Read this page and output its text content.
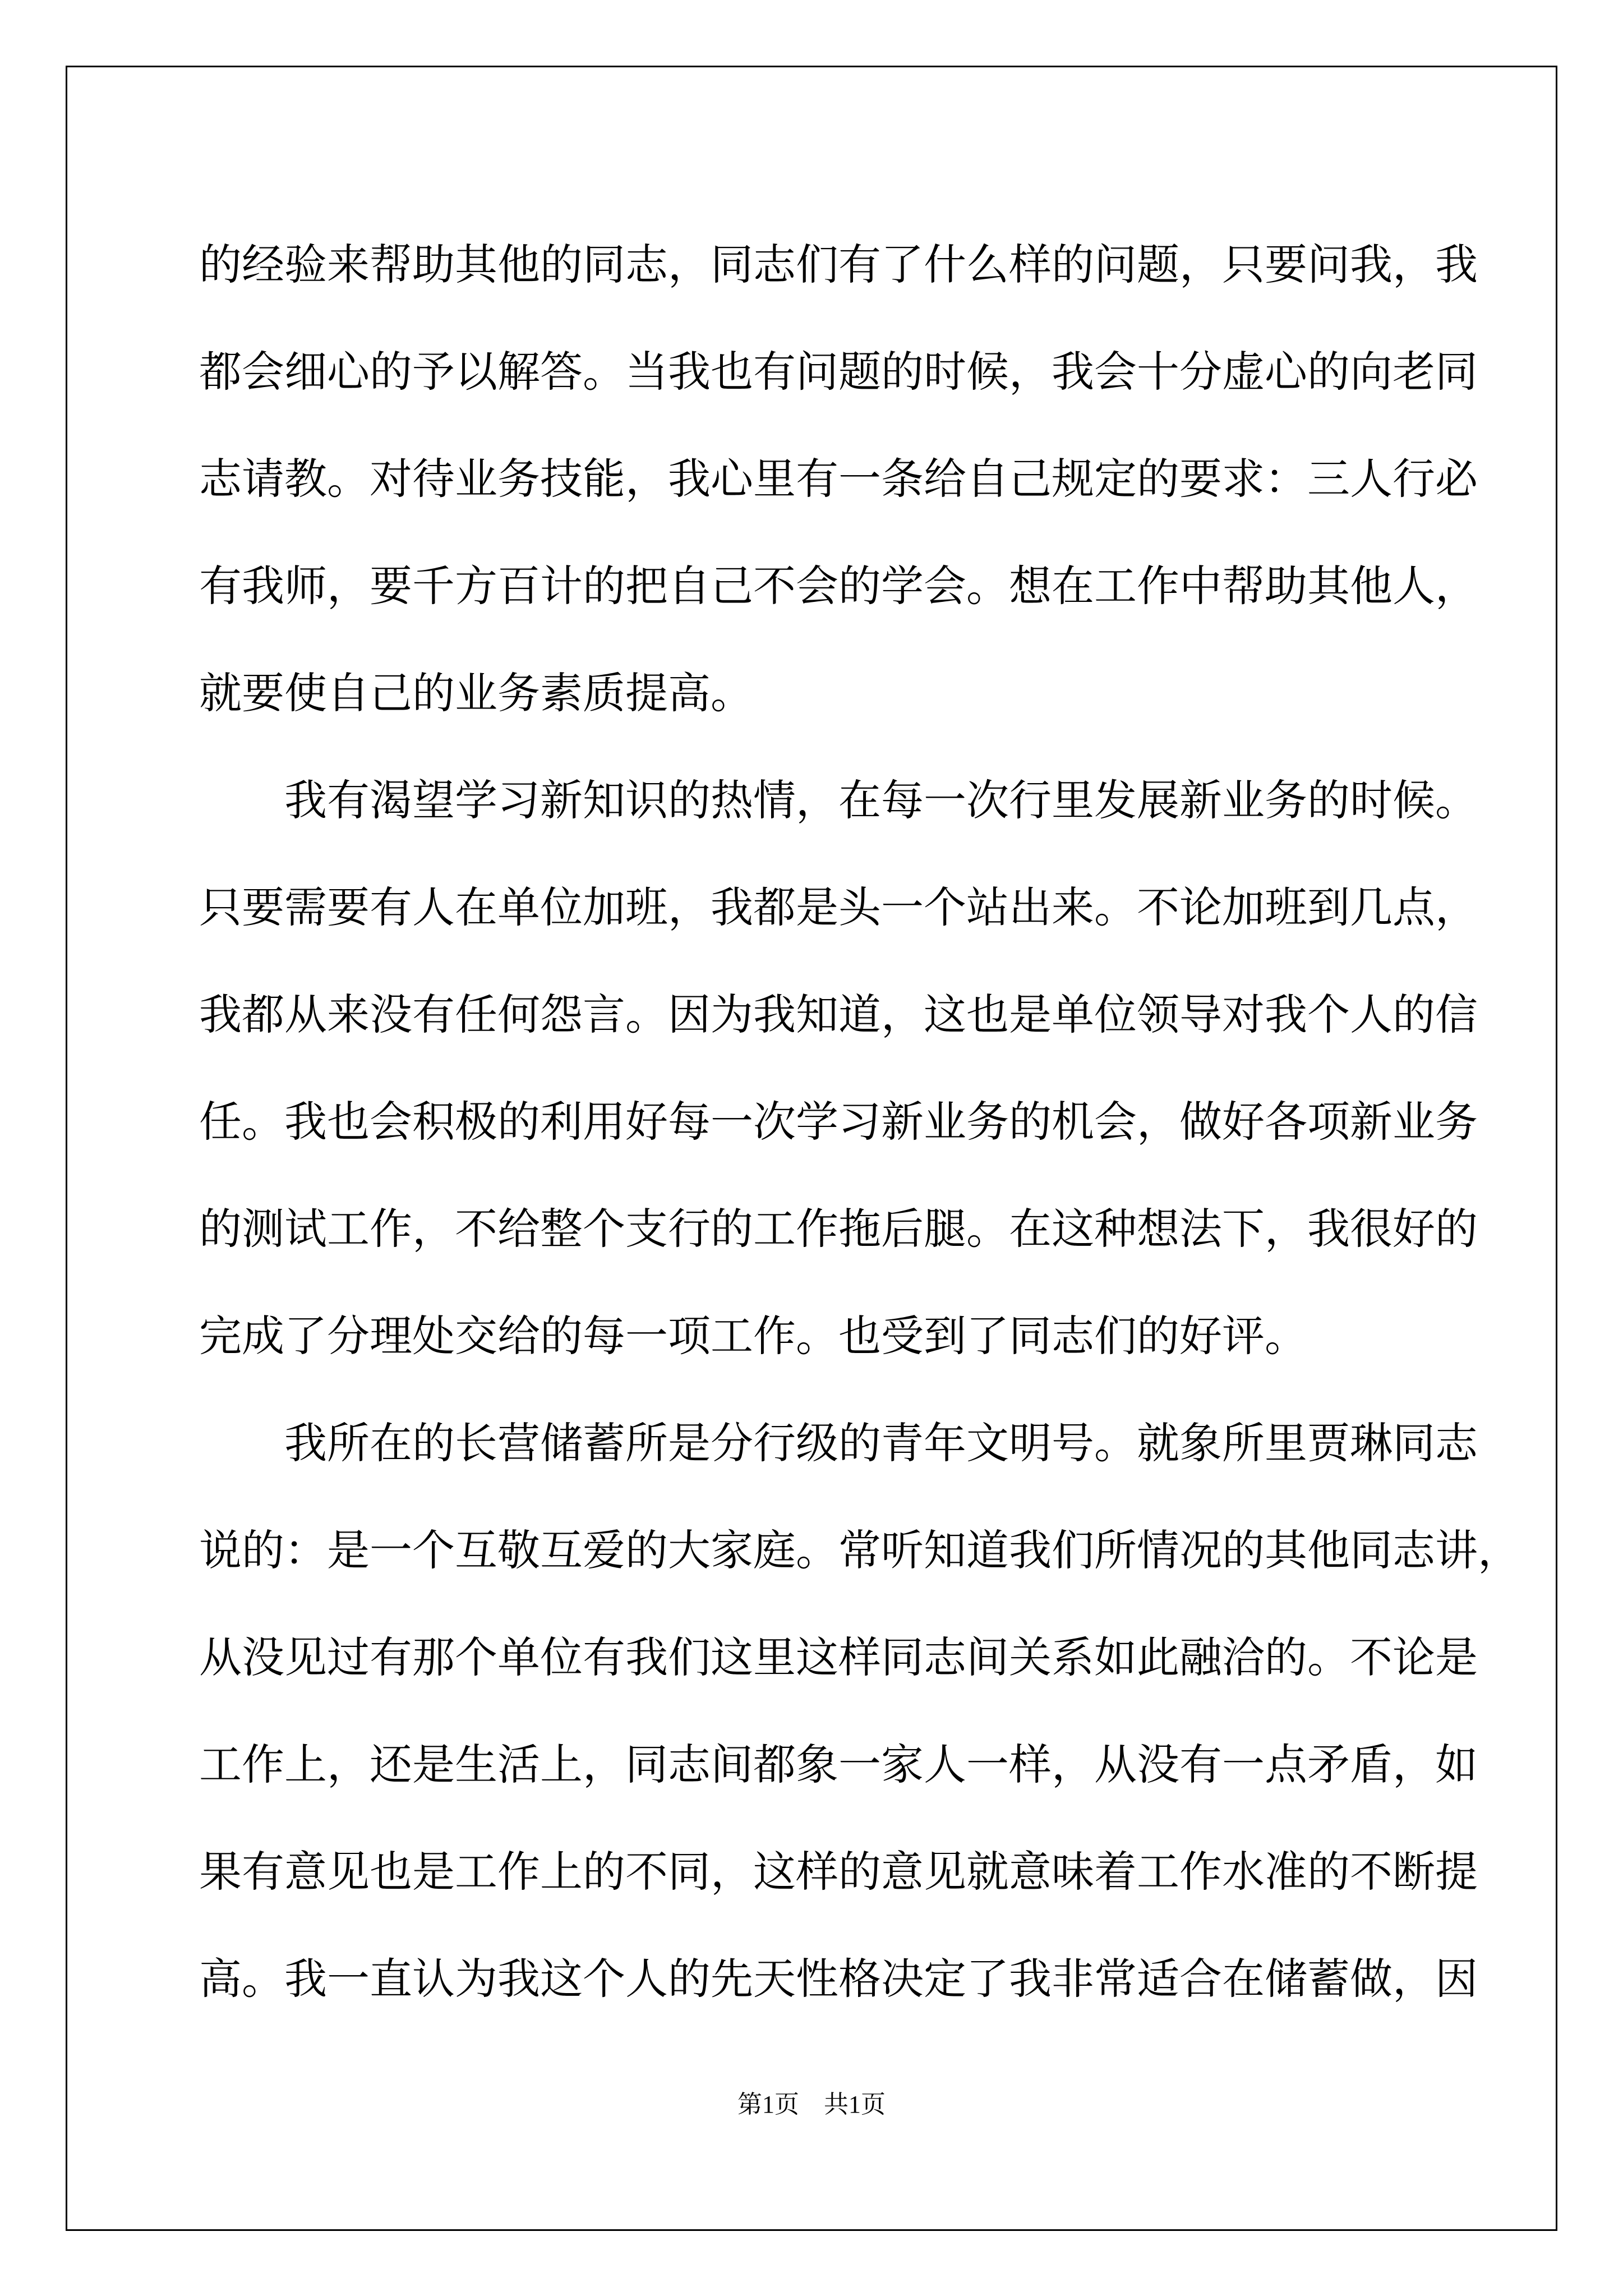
的经验来帮助其他的同志，同志们有了什么样的问题，只要问我，我
都会细心的予以解答。当我也有问题的时候，我会十分虚心的向老同
志请教。对待业务技能，我心里有一条给自己规定的要求：三人行必
有我师，要千方百计的把自己不会的学会。想在工作中帮助其他人，
就要使自己的业务素质提高。
我有渴望学习新知识的热情，在每一次行里发展新业务的时候。
只要需要有人在单位加班，我都是头一个站出来。不论加班到几点，
我都从来没有任何怨言。因为我知道，这也是单位领导对我个人的信
任。我也会积极的利用好每一次学习新业务的机会，做好各项新业务
的测试工作，不给整个支行的工作拖后腿。在这种想法下，我很好的
完成了分理处交给的每一项工作。也受到了同志们的好评。
我所在的长营储蓄所是分行级的青年文明号。就象所里贾琳同志
说的：是一个互敬互爱的大家庭。常听知道我们所情况的其他同志讲，
从没见过有那个单位有我们这里这样同志间关系如此融洽的。不论是
工作上，还是生活上，同志间都象一家人一样，从没有一点矛盾，如
果有意见也是工作上的不同，这样的意见就意味着工作水准的不断提
高。我一直认为我这个人的先天性格决定了我非常适合在储蓄做，因
第1页　共1页
